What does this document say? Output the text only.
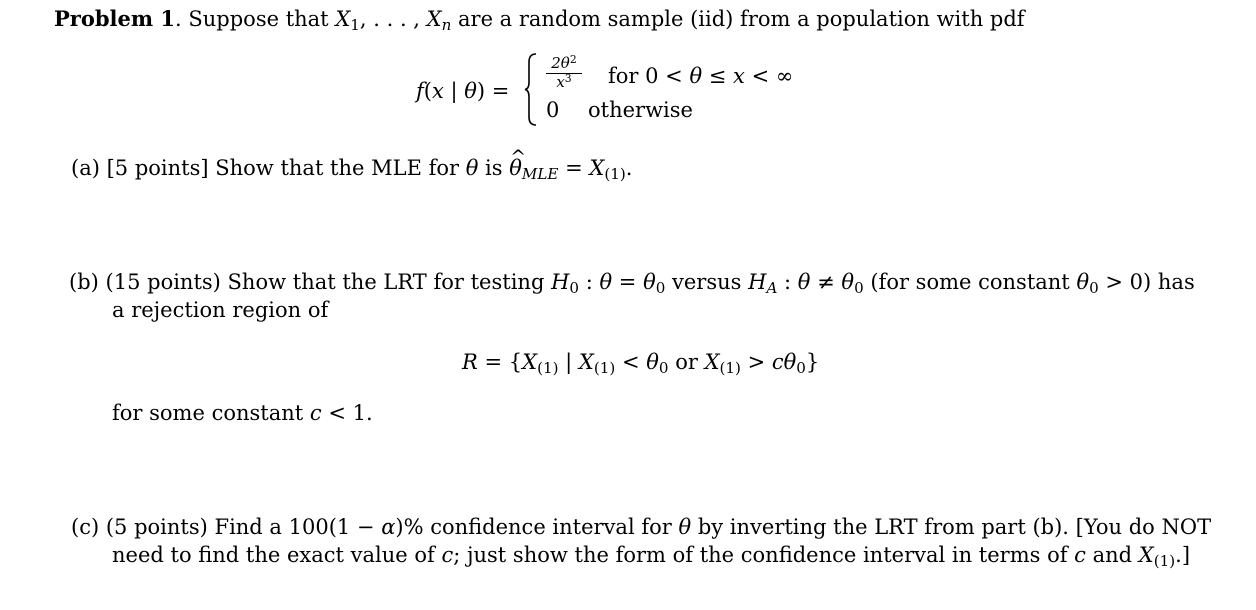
Problem 1. Suppose that $X_1$, . . . , $X_n$ are a random sample (iid) from a population with pdf
f(x | $\theta) = \frac{2\theta^2}{x^3}$ for 0 < θ ≤ x < ∞
0 otherwise
(a) [5 points] Show that the MLE for θ is ^ $\theta_{MLE} = X_{(1)}$.
(b) (15 points) Show that the LRT for testing $H_0$ : $\theta = \theta_0$ versus $H_A$ : $\theta \ne \theta_0$ (for some constant $\theta_0 > 0$) has
a rejection region of
$R = \{X_{(1)}$ | $X_{(1)} < \theta_0$ or $X_{(1)} > c\theta_0$}
for some constant c < 1.
(c) (5 points) Find a 100(1 − α)% confidence interval for θ by inverting the LRT from part (b). [You do NOT
need to find the exact value of c; just show the form of the confidence interval in terms of c and $X_{(1)}$.]
